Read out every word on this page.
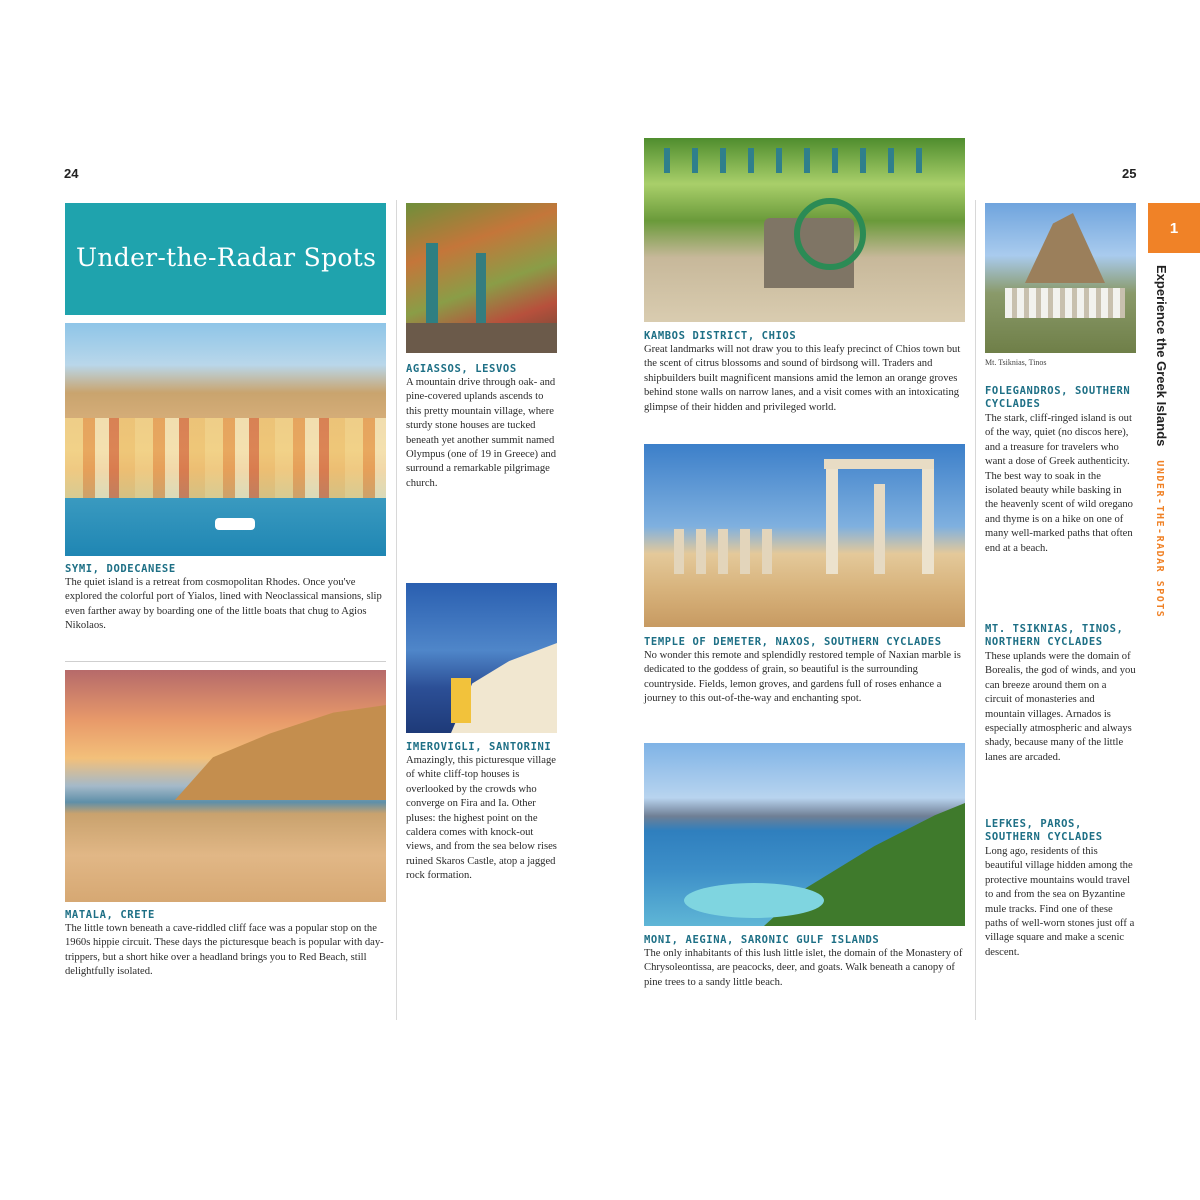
24
Under-the-Radar Spots
SYMI, DODECANESE
The quiet island is a retreat from cosmopolitan Rhodes. Once you've explored the colorful port of Yialos, lined with Neoclassical mansions, slip even farther away by boarding one of the little boats that chug to Agios Nikolaos.
MATALA, CRETE
The little town beneath a cave-riddled cliff face was a popular stop on the 1960s hippie circuit. These days the picturesque beach is popular with day-trippers, but a short hike over a headland brings you to Red Beach, still delightfully isolated.
AGIASSOS, LESVOS
A mountain drive through oak- and pine-covered uplands ascends to this pretty mountain village, where sturdy stone houses are tucked beneath yet another summit named Olympus (one of 19 in Greece) and surround a remarkable pilgrimage church.
IMEROVIGLI, SANTORINI
Amazingly, this picturesque village of white cliff-top houses is overlooked by the crowds who converge on Fira and Ia. Other pluses: the highest point on the caldera comes with knock-out views, and from the sea below rises ruined Skaros Castle, atop a jagged rock formation.
25
KAMBOS DISTRICT, CHIOS
Great landmarks will not draw you to this leafy precinct of Chios town but the scent of citrus blossoms and sound of birdsong will. Traders and shipbuilders built magnificent mansions amid the lemon an orange groves behind stone walls on narrow lanes, and a visit comes with an intoxicating glimpse of their hidden and privileged world.
TEMPLE OF DEMETER, NAXOS, SOUTHERN CYCLADES
No wonder this remote and splendidly restored temple of Naxian marble is dedicated to the goddess of grain, so beautiful is the surrounding countryside. Fields, lemon groves, and gardens full of roses enhance a journey to this out-of-the-way and enchanting spot.
MONI, AEGINA, SARONIC GULF ISLANDS
The only inhabitants of this lush little islet, the domain of the Monastery of Chrysoleontissa, are peacocks, deer, and goats. Walk beneath a canopy of pine trees to a sandy little beach.
Mt. Tsiknias, Tinos
FOLEGANDROS, SOUTHERN CYCLADES
The stark, cliff-ringed island is out of the way, quiet (no discos here), and a treasure for travelers who want a dose of Greek authenticity. The best way to soak in the isolated beauty while basking in the heavenly scent of wild oregano and thyme is on a hike on one of many well-marked paths that often end at a beach.
MT. TSIKNIAS, TINOS, NORTHERN CYCLADES
These uplands were the domain of Borealis, the god of winds, and you can breeze around them on a circuit of monasteries and mountain villages. Arnados is especially atmospheric and always shady, because many of the little lanes are arcaded.
LEFKES, PAROS, SOUTHERN CYCLADES
Long ago, residents of this beautiful village hidden among the protective mountains would travel to and from the sea on Byzantine mule tracks. Find one of these paths of well-worn stones just off a village square and make a scenic descent.
1
Experience the Greek Islands UNDER-THE-RADAR SPOTS
